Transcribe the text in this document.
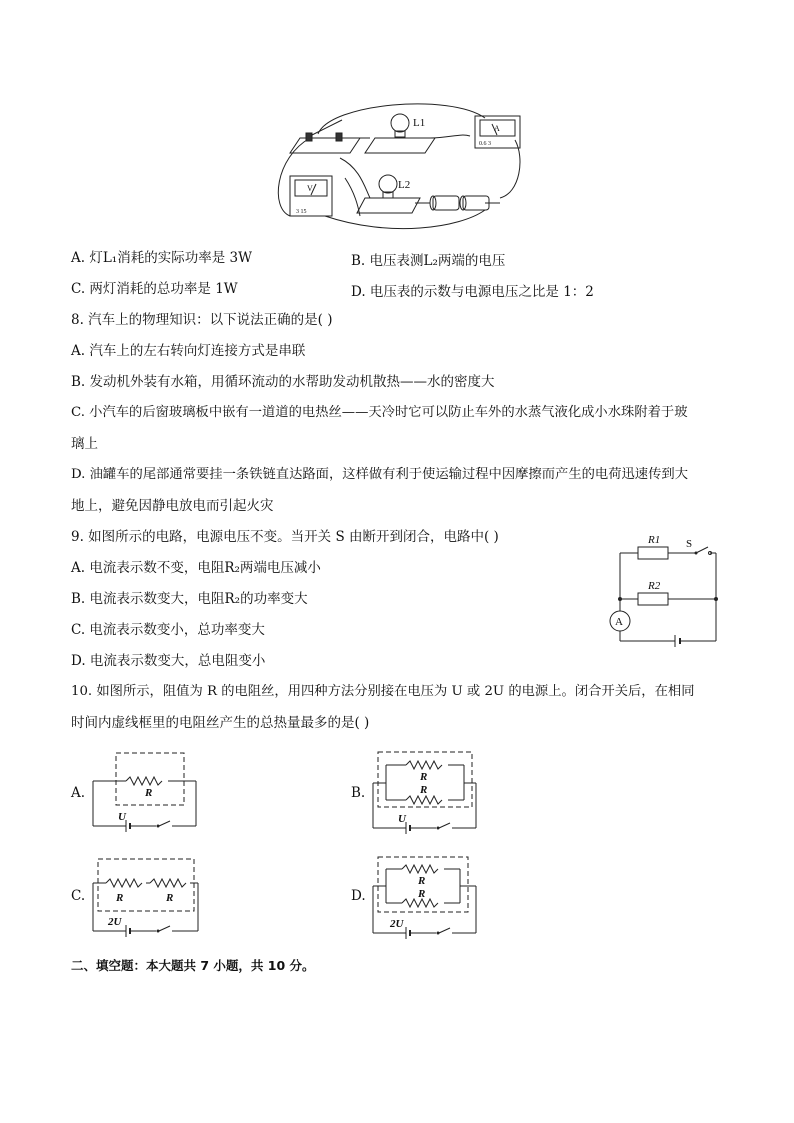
L1
L2
A
V
0.6 3
3 15
A. 灯L₁消耗的实际功率是 3W	B. 电压表测L₂两端的电压
C. 两灯消耗的总功率是 1W	D. 电压表的示数与电源电压之比是 1：2
8. 汽车上的物理知识：以下说法正确的是( )
A. 汽车上的左右转向灯连接方式是串联
B. 发动机外装有水箱，用循环流动的水帮助发动机散热——水的密度大
C. 小汽车的后窗玻璃板中嵌有一道道的电热丝——天冷时它可以防止车外的水蒸气液化成小水珠附着于玻
璃上
D. 油罐车的尾部通常要挂一条铁链直达路面，这样做有利于使运输过程中因摩擦而产生的电荷迅速传到大
地上，避免因静电放电而引起火灾
9. 如图所示的电路，电源电压不变。当开关 S 由断开到闭合，电路中( )
A. 电流表示数不变，电阻R₂两端电压减小
B. 电流表示数变大，电阻R₂的功率变大
C. 电流表示数变小，总功率变大
D. 电流表示数变大，总电阻变小
A
R1
R2
S
10. 如图所示，阻值为 R 的电阻丝，用四种方法分别接在电压为 U 或 2U 的电源上。闭合开关后，在相同
时间内虚线框里的电阻丝产生的总热量最多的是( )
A.	R
U
B.
R
R
U
C.	R	R
2U
D.
R
R
2U
二、填空题：本大题共 7 小题，共 10 分。
